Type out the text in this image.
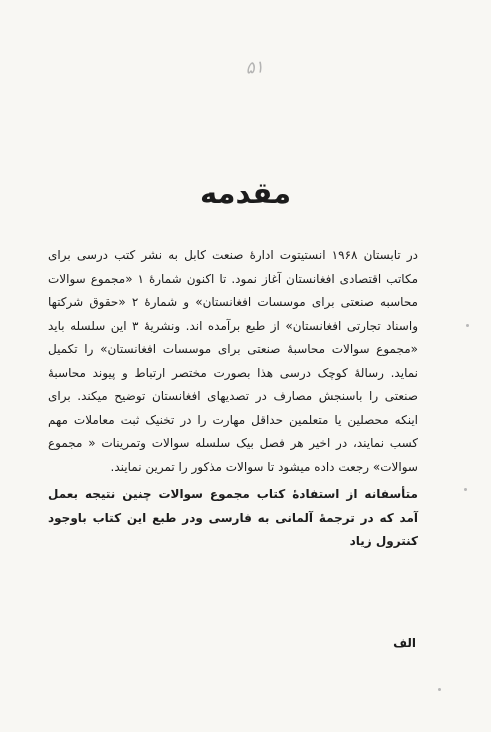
۵۱
مقدمه

در تابستان ۱۹۶۸ انستیتوت ادارهٔ صنعت کابل به نشر کتب درسی برای مکاتب اقتصادی افغانستان آغاز نمود. تا اکنون شمارهٔ ۱ «مجموع سوالات محاسبه صنعتی برای موسسات افغانستان» و شمارهٔ ۲ «حقوق شرکتها واسناد تجارتی افغانستان» از طبع برآمده اند. ونشریهٔ ۳ این سلسله باید «مجموع سوالات محاسبهٔ صنعتی برای موسسات افغانستان» را تکمیل نماید. رسالهٔ کوچک درسی هذا بصورت مختصر ارتباط و پیوند محاسبهٔ صنعتی را باسنجش مصارف در تصدیهای افغانستان توضیح میکند. برای اینکه محصلین یا متعلمین حداقل مهارت را در تخنیک ثبت معاملات مهم کسب نمایند، در اخیر هر فصل بیک سلسله سوالات وتمرینات « مجموع سوالات» رجعت داده میشود تا سوالات مذکور را تمرین نمایند.

متأسفانه از استفادهٔ کتاب مجموع سوالات چنین نتیجه بعمل آمد که در ترجمهٔ آلمانی به فارسی ودر طبع این کتاب باوجود کنترول زیاد

الف
